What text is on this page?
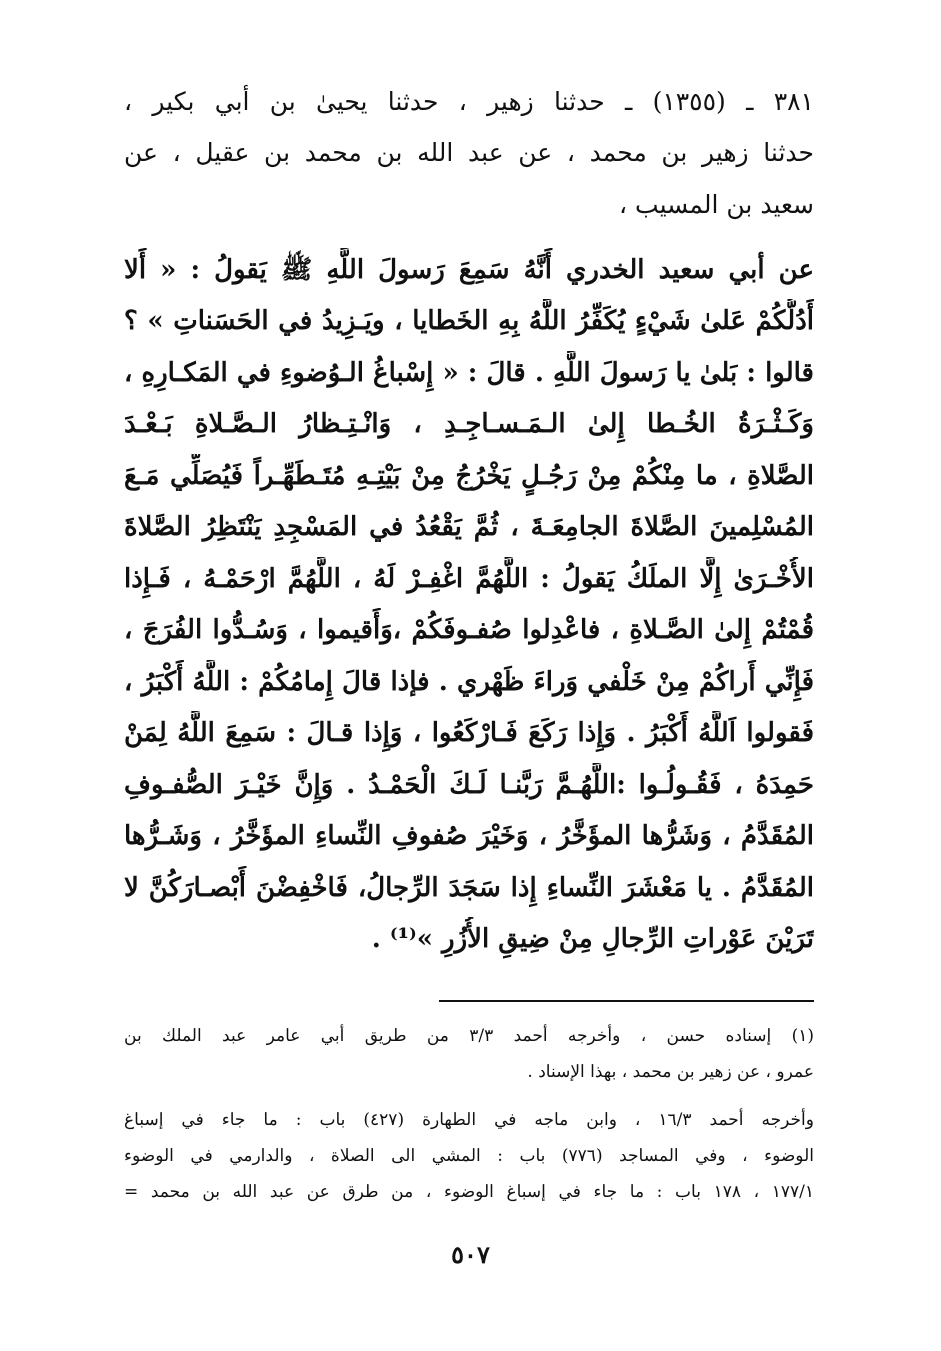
٣٨١ ـ (١٣٥٥) ـ حدثنا زهير ، حدثنا يحيىٰ بن أبي بكير ،
حدثنا زهير بن محمد ، عن عبد الله بن محمد بن عقيل ، عن
سعيد بن المسيب ،
عن أبي سعيد الخدري أَنَّهُ سَمِعَ رَسولَ اللَّهِ ﷺ يَقولُ : « أَلا
أَدُلُّكُمْ عَلىٰ شَيْءٍ يُكَفِّرُ اللَّهُ بِهِ الخَطايا ، ويَـزِيدُ في الحَسَناتِ » ؟
قالوا : بَلىٰ يا رَسولَ اللَّهِ . قالَ : « إِسْباغُ الـوُضوءِ في المَكـارِهِ ،
وَكَـثْـرَةُ الخُـطا إِلىٰ الـمَـسـاجِـدِ ، وَانْـتِـظارُ الـصَّـلاةِ بَـعْـدَ
الصَّلاةِ ، ما مِنْكُمْ مِنْ رَجُـلٍ يَخْرُجُ مِنْ بَيْتِـهِ مُتَـطَهِّـراً فَيُصَلِّي مَـعَ
المُسْلِمينَ الصَّلاةَ الجامِعَـةَ ، ثُمَّ يَقْعُدُ في المَسْجِدِ يَنْتَظِرُ الصَّلاةَ
الأُخْـرَىٰ إِلَّا الملَكُ يَقولُ : اللَّهُمَّ اغْفِـرْ لَهُ ، اللَّهُمَّ ارْحَمْـهُ ، فَـإِذا
قُمْتُمْ إِلىٰ الصَّـلاةِ ، فاعْدِلوا صُفـوفَكُمْ ،وَأَقيموا ، وَسُـدُّوا الفُرَجَ ،
فَإِنِّي أَراكُمْ مِنْ خَلْفي وَراءَ ظَهْري . فإذا قالَ إِمامُكُمْ : اللَّهُ أَكْبَرُ ،
فَقولوا اَللَّهُ أَكْبَرُ . وَإِذا رَكَعَ فَـارْكَعُوا ، وَإِذا قـالَ : سَمِعَ اللَّهُ لِمَنْ
حَمِدَهُ ، فَقُـولُـوا :اللَّهُـمَّ رَبَّنـا لَـكَ الْحَمْـدُ . وَإِنَّ خَيْـرَ الصُّفـوفِ
المُقَدَّمُ ، وَشَرُّها المؤَخَّرُ ، وَخَيْرَ صُفوفِ النِّساءِ المؤَخَّرُ ، وَشَـرُّها
المُقَدَّمُ . يا مَعْشَرَ النِّساءِ إِذا سَجَدَ الرِّجالُ، فَاخْفِضْنَ أَبْصـارَكُنَّ لا
تَرَيْنَ عَوْراتِ الرِّجالِ مِنْ ضِيقِ الأُزُرِ »⁽¹⁾ .
(١) إسناده حسن ، وأخرجه أحمد ٣/٣ من طريق أبي عامر عبد الملك بن
عمرو ، عن زهير بن محمد ، بهذا الإسناد .
وأخرجه أحمد ١٦/٣ ، وابن ماجه في الطهارة (٤٢٧) باب : ما جاء في إسباغ
الوضوء ، وفي المساجد (٧٧٦) باب : المشي الى الصلاة ، والدارمي في الوضوء
١٧٧/١ ، ١٧٨ باب : ما جاء في إسباغ الوضوء ، من طرق عن عبد الله بن محمد =
٥٠٧
